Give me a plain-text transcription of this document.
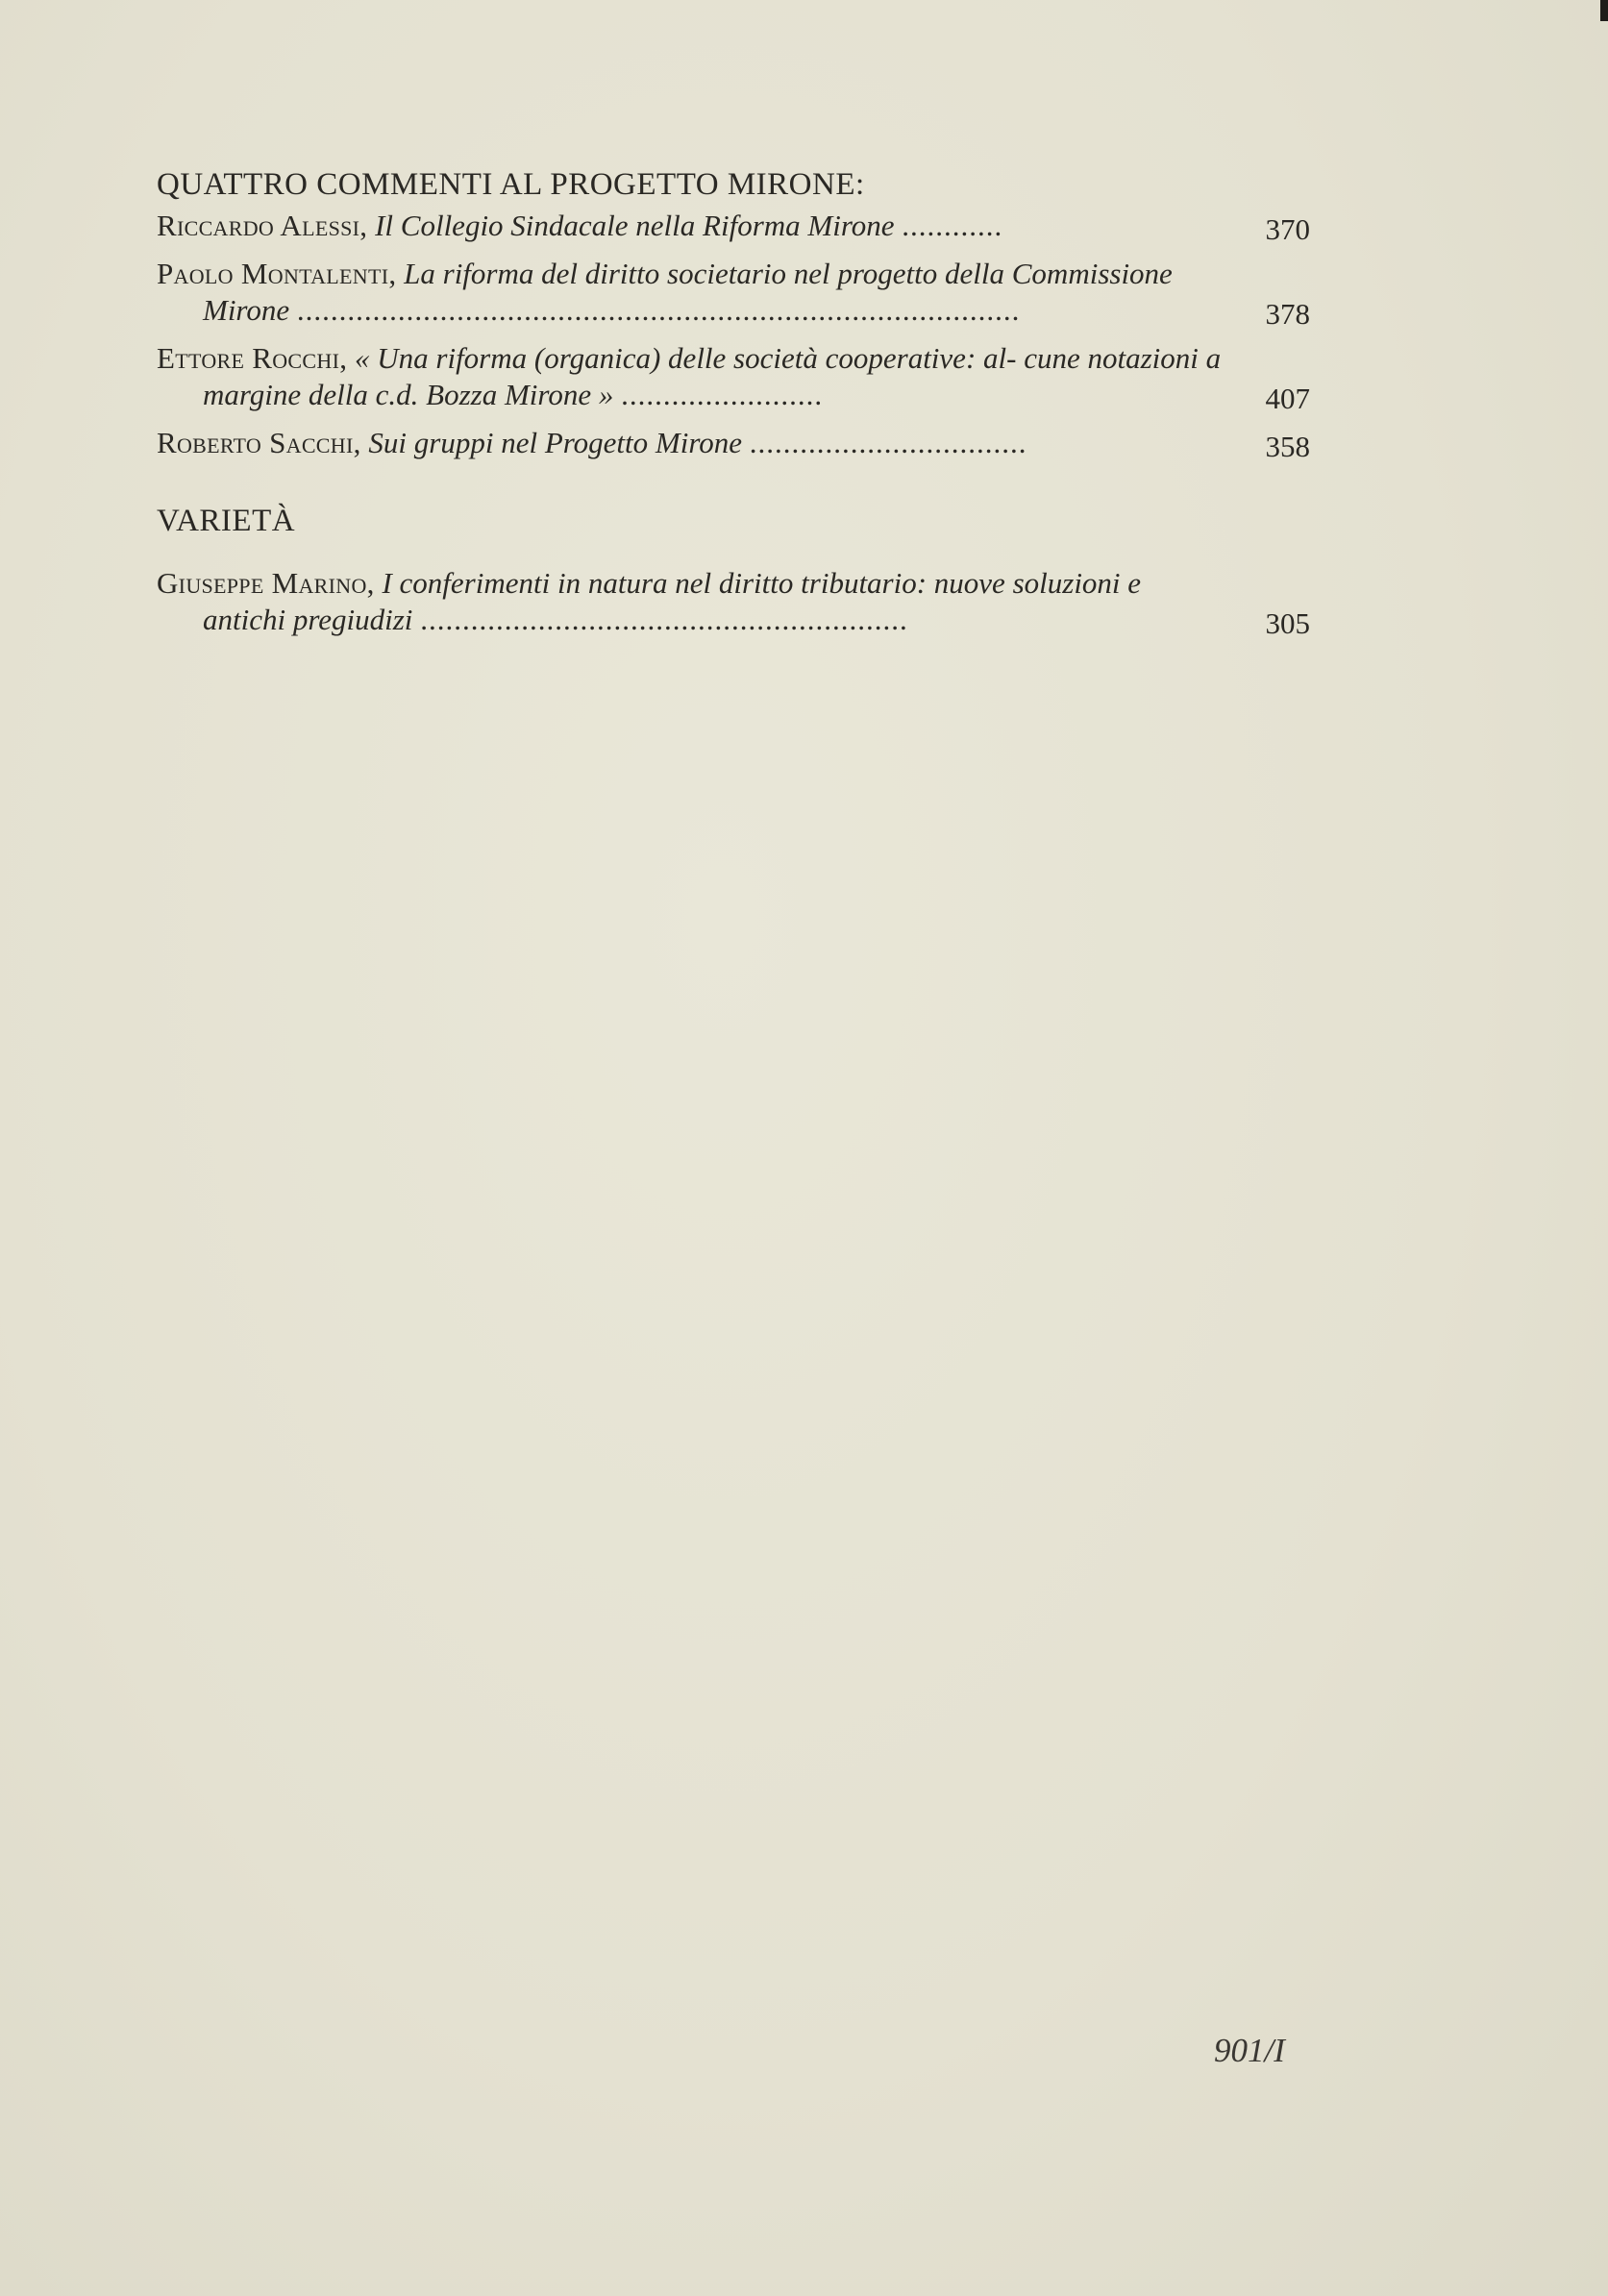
QUATTRO COMMENTI AL PROGETTO MIRONE:
Riccardo Alessi, Il Collegio Sindacale nella Riforma Mirone ............	370
Paolo Montalenti, La riforma del diritto societario nel progetto della Commissione Mirone ......................................................................................	378
Ettore Rocchi, « Una riforma (organica) delle società cooperative: al- cune notazioni a margine della c.d. Bozza Mirone » ........................	407
Roberto Sacchi, Sui gruppi nel Progetto Mirone .................................	358
VARIETÀ
Giuseppe Marino, I conferimenti in natura nel diritto tributario: nuove soluzioni e antichi pregiudizi ..........................................................	305
901/I
